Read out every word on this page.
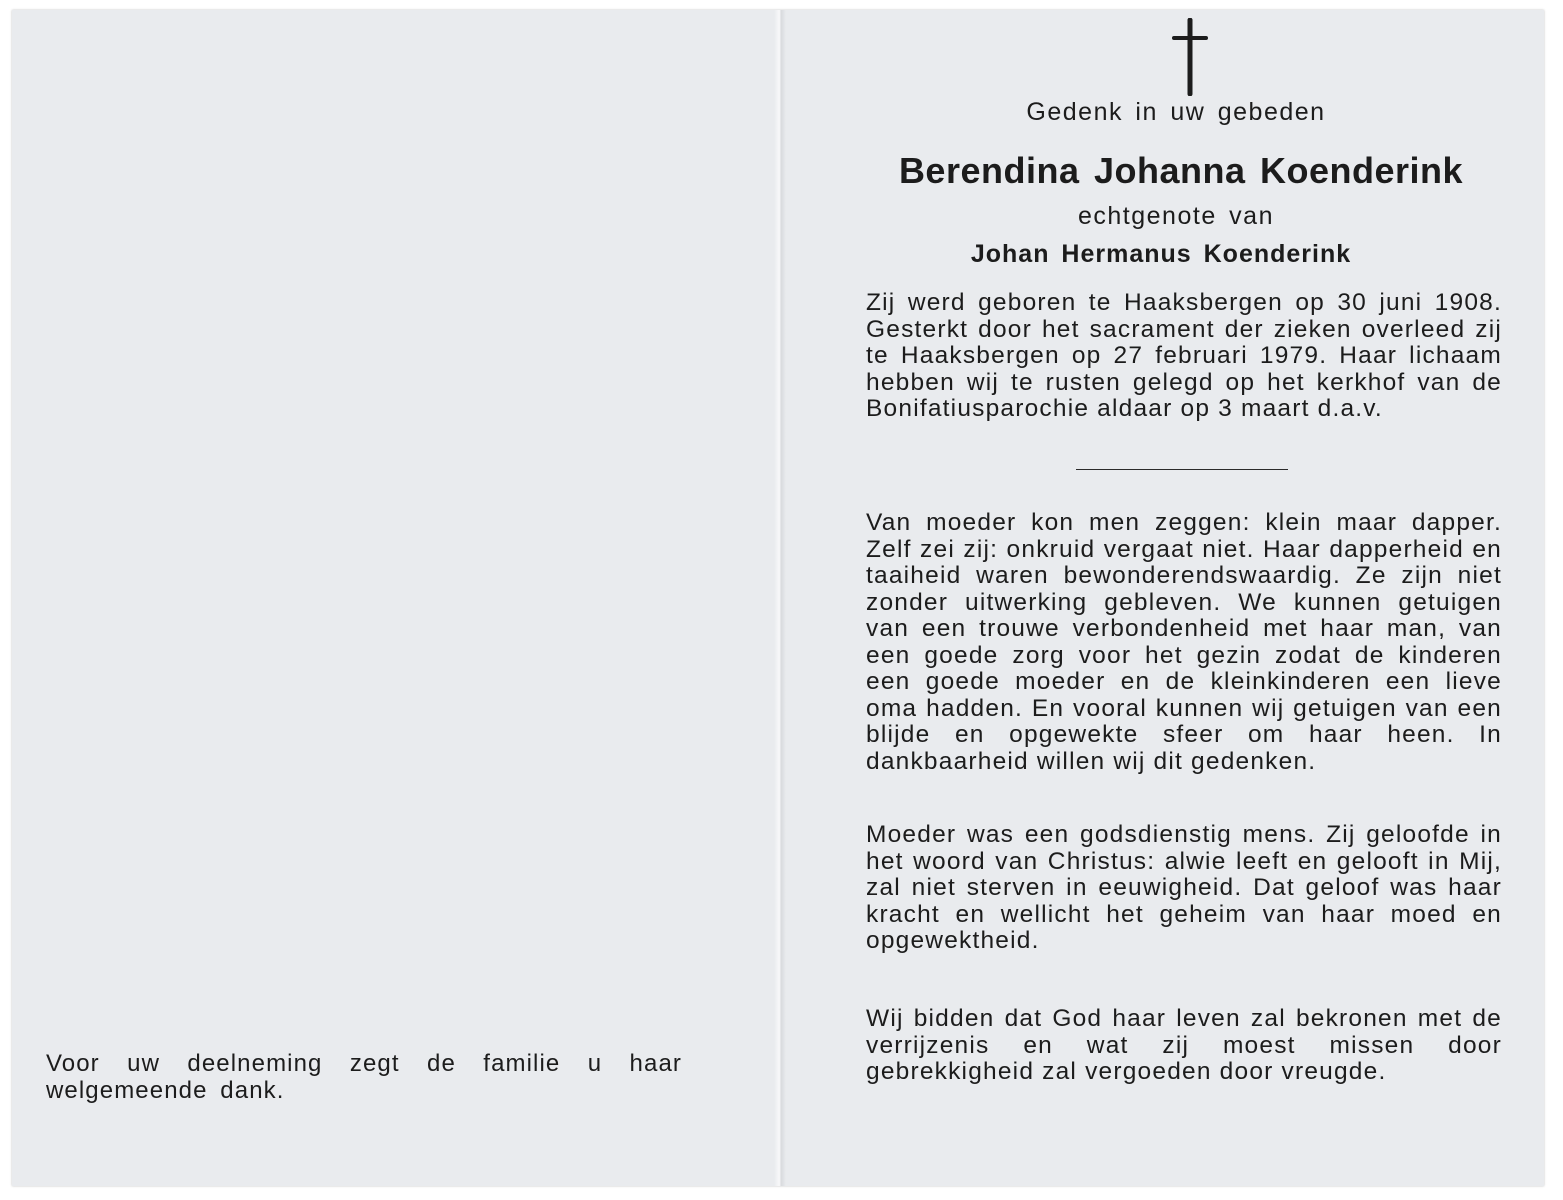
Voor uw deelneming zegt de familie u haar welgemeende dank.
Gedenk in uw gebeden
Berendina Johanna Koenderink
echtgenote van
Johan Hermanus Koenderink
Zij werd geboren te Haaksbergen op 30 juni 1908. Gesterkt door het sacrament der zieken overleed zij te Haaksbergen op 27 februari 1979. Haar lichaam hebben wij te rusten gelegd op het kerkhof van de Bonifatiusparochie aldaar op 3 maart d.a.v.
Van moeder kon men zeggen: klein maar dapper. Zelf zei zij: onkruid vergaat niet. Haar dapperheid en taaiheid waren bewonderendswaardig. Ze zijn niet zonder uitwerking gebleven. We kunnen getuigen van een trouwe verbondenheid met haar man, van een goede zorg voor het gezin zodat de kinderen een goede moeder en de kleinkinderen een lieve oma hadden. En vooral kunnen wij getuigen van een blijde en opgewekte sfeer om haar heen. In dankbaarheid willen wij dit gedenken.
Moeder was een godsdienstig mens. Zij geloofde in het woord van Christus: alwie leeft en gelooft in Mij, zal niet sterven in eeuwigheid. Dat geloof was haar kracht en wellicht het geheim van haar moed en opgewektheid.
Wij bidden dat God haar leven zal bekronen met de verrijzenis en wat zij moest missen door gebrekkigheid zal vergoeden door vreugde.
